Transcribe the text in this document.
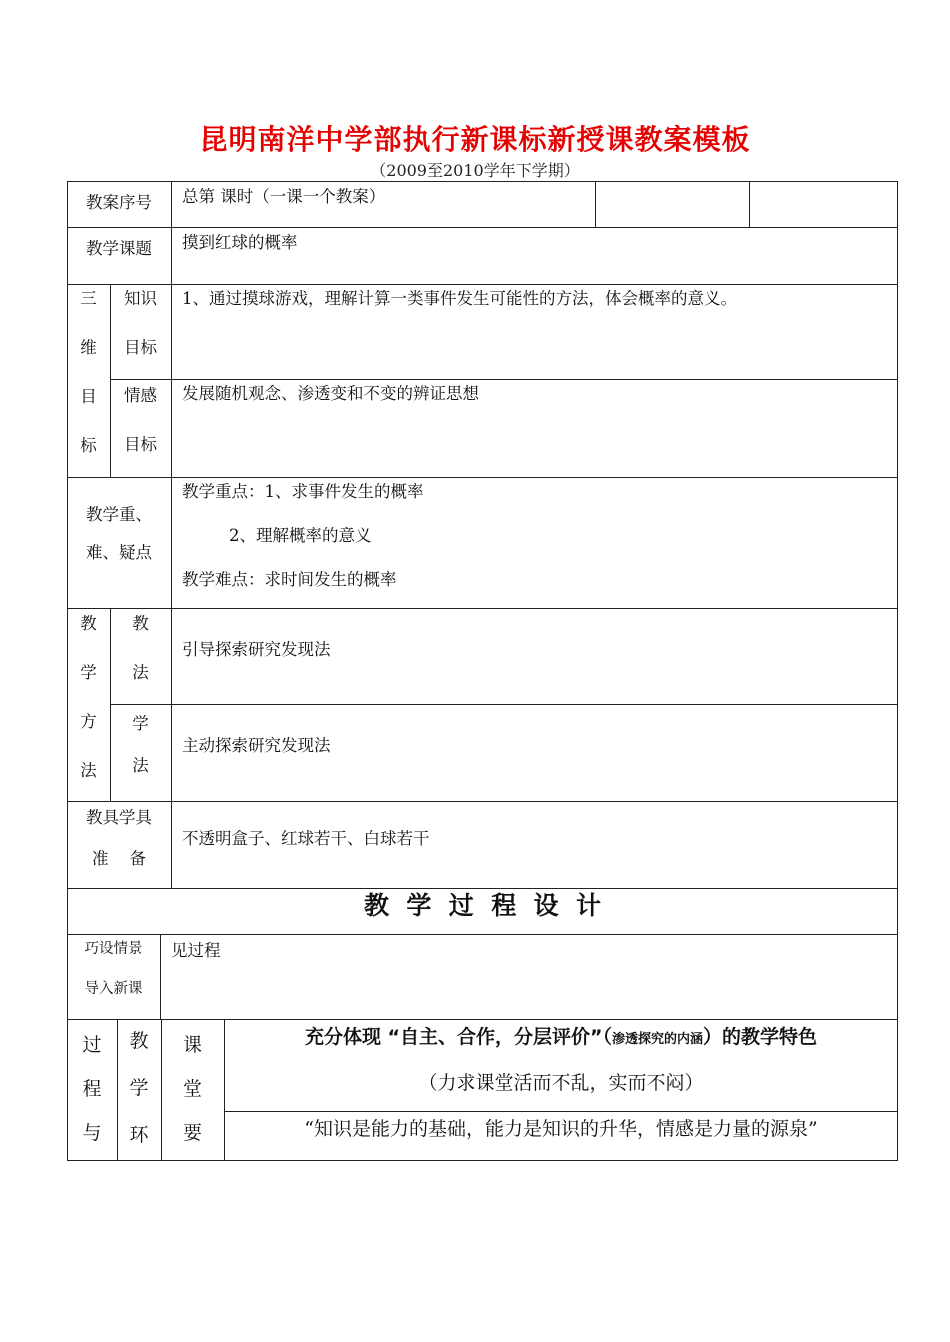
昆明南洋中学部执行新课标新授课教案模板
（2009至2010学年下学期）
教案序号	总第 课时（一课一个教案）
教学课题	摸到红球的概率
三
维
目
标
知识
目标
1、通过摸球游戏，理解计算一类事件发生可能性的方法，体会概率的意义。
情感
目标
发展随机观念、渗透变和不变的辨证思想
教学重、
难、疑点
教学重点：1、求事件发生的概率
2、理解概率的意义
教学难点：求时间发生的概率
教
学
方
法
教
法
引导探索研究发现法
学
法
主动探索研究发现法
教具学具
准    备
不透明盒子、红球若干、白球若干
教  学  过  程  设  计
巧设情景
导入新课
见过程
过
程
与
教
学
环
课
堂
要
充分体现 “自主、合作，分层评价”（渗透探究的内涵）的教学特色
（力求课堂活而不乱，实而不闷）
“知识是能力的基础，能力是知识的升华，情感是力量的源泉”
